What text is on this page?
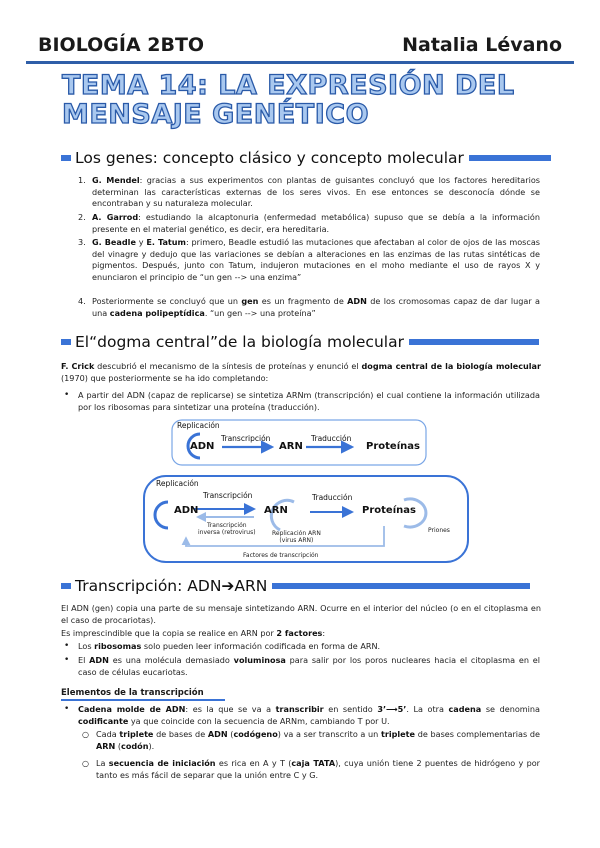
BIOLOGÍA 2BTO	Natalia Lévano
TEMA 14: LA EXPRESIÓN DEL
MENSAJE GENÉTICO
Los genes: concepto clásico y concepto molecular
1. G. Mendel: gracias a sus experimentos con plantas de guisantes concluyó que los factores hereditarios determinan las características externas de los seres vivos. En ese entonces se desconocía dónde se encontraban y su naturaleza molecular.
2. A. Garrod: estudiando la alcaptonuria (enfermedad metabólica) supuso que se debía a la información presente en el material genético, es decir, era hereditaria.
3. G. Beadle y E. Tatum: primero, Beadle estudió las mutaciones que afectaban al color de ojos de las moscas del vinagre y dedujo que las variaciones se debían a alteraciones en las enzimas de las rutas sintéticas de pigmentos. Después, junto con Tatum, indujeron mutaciones en el moho mediante el uso de rayos X y enunciaron el principio de “un gen --> una enzima”
4. Posteriormente se concluyó que un gen es un fragmento de ADN de los cromosomas capaz de dar lugar a una cadena polipeptídica. “un gen --> una proteína”
El“dogma central”de la biología molecular
F. Crick descubrió el mecanismo de la síntesis de proteínas y enunció el dogma central de la biología molecular (1970) que posteriormente se ha ido completando:
• A partir del ADN (capaz de replicarse) se sintetiza ARNm (transcripción) el cual contiene la información utilizada por los ribosomas para sintetizar una proteína (traducción).
Replicación
ADN
Transcripción
ARN
Traducción
Proteínas
Replicación
ADN
Transcripción
ARN
Traducción
Proteínas
Transcripción
inversa (retrovirus)	Replicación ARN
(virus ARN)
Priones
Factores de transcripción
Transcripción: ADN➔ARN
El ADN (gen) copia una parte de su mensaje sintetizando ARN. Ocurre en el interior del núcleo (o en el citoplasma en el caso de procariotas).
Es imprescindible que la copia se realice en ARN por 2 factores:
• Los ribosomas solo pueden leer información codificada en forma de ARN.
• El ADN es una molécula demasiado voluminosa para salir por los poros nucleares hacia el citoplasma en el caso de células eucariotas.
Elementos de la transcripción
• Cadena molde de ADN: es la que se va a transcribir en sentido 3’⟶5’. La otra cadena se denomina codificante ya que coincide con la secuencia de ARNm, cambiando T por U.
○ Cada triplete de bases de ADN (codógeno) va a ser transcrito a un triplete de bases complementarias de ARN (codón).
○ La secuencia de iniciación es rica en A y T (caja TATA), cuya unión tiene 2 puentes de hidrógeno y por tanto es más fácil de separar que la unión entre C y G.
